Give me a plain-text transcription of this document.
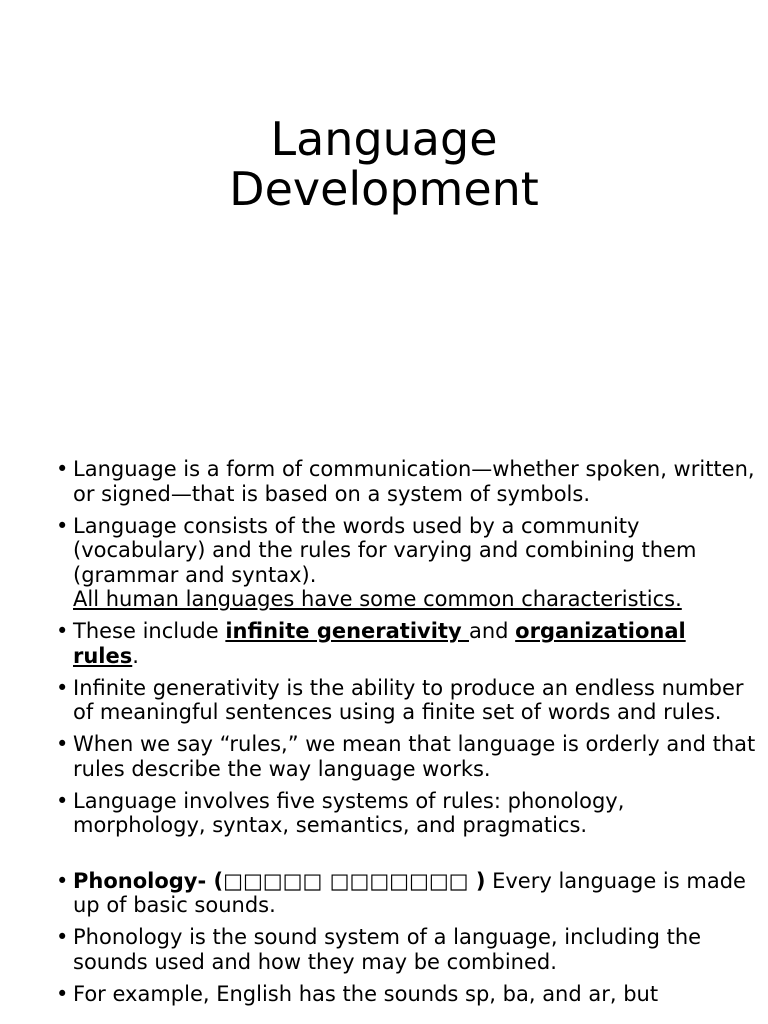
Language
Development
• Language is a form of communication—whether spoken, written, or signed—that is based on a system of symbols.
• Language consists of the words used by a community (vocabulary) and the rules for varying and combining them (grammar and syntax).
All human languages have some common characteristics.
• These include infinite generativity and organizational rules.
• Infinite generativity is the ability to produce an endless number of meaningful sentences using a finite set of words and rules.
• When we say “rules,” we mean that language is orderly and that rules describe the way language works.
• Language involves five systems of rules: phonology, morphology, syntax, semantics, and pragmatics.
• Phonology- (□□□□□ □□□□□□□ ) Every language is made up of basic sounds.
• Phonology is the sound system of a language, including the sounds used and how they may be combined.
• For example, English has the sounds sp, ba, and ar, but
